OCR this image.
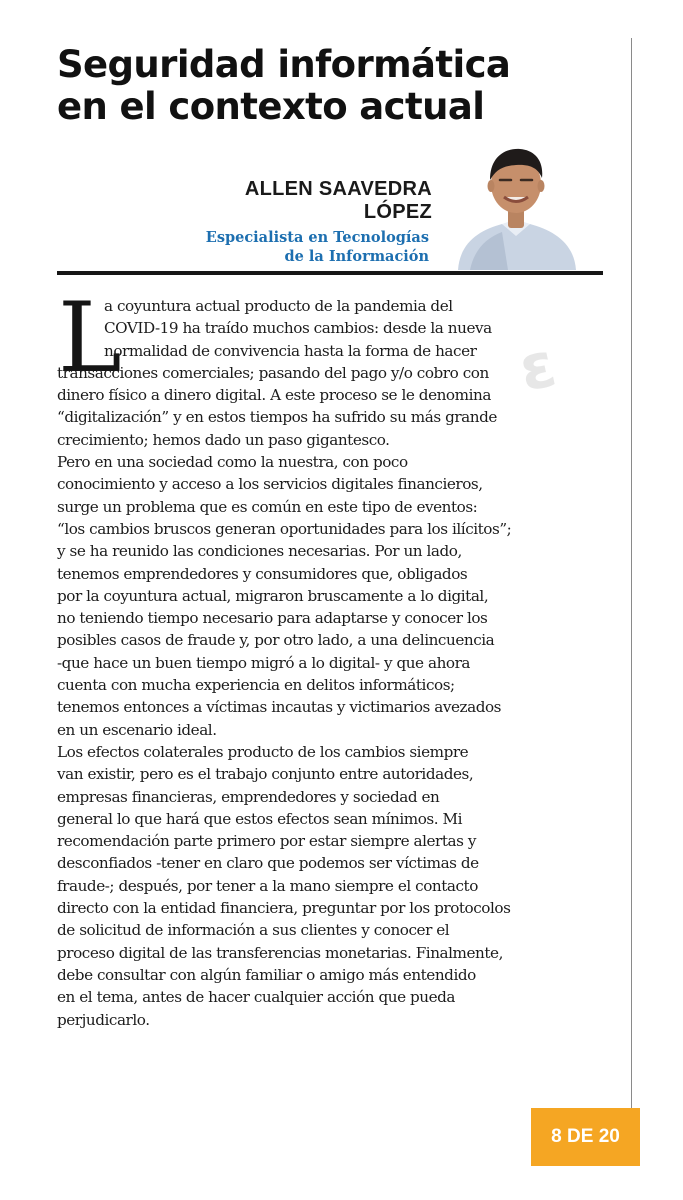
Seguridad informática
en el contexto actual
ALLEN SAAVEDRA
LÓPEZ
Especialista en Tecnologías
de la Información
ε
L
a coyuntura actual producto de la pandemia del
COVID-19 ha traído muchos cambios: desde la nueva
normalidad de convivencia hasta la forma de hacer
transacciones comerciales; pasando del pago y/o cobro con
dinero físico a dinero digital. A este proceso se le denomina
“digitalización” y en estos tiempos ha sufrido su más grande
crecimiento; hemos dado un paso gigantesco.
Pero en una sociedad como la nuestra, con poco
conocimiento y acceso a los servicios digitales financieros,
surge un problema que es común en este tipo de eventos:
“los cambios bruscos generan oportunidades para los ilícitos”;
y se ha reunido las condiciones necesarias. Por un lado,
tenemos emprendedores y consumidores que, obligados
por la coyuntura actual, migraron bruscamente a lo digital,
no teniendo tiempo necesario para adaptarse y conocer los
posibles casos de fraude y, por otro lado, a una delincuencia
-que hace un buen tiempo migró a lo digital- y que ahora
cuenta con mucha experiencia en delitos informáticos;
tenemos entonces a víctimas incautas y victimarios avezados
en un escenario ideal.
Los efectos colaterales producto de los cambios siempre
van existir, pero es el trabajo conjunto entre autoridades,
empresas financieras, emprendedores y sociedad en
general lo que hará que estos efectos sean mínimos. Mi
recomendación parte primero por estar siempre alertas y
desconfiados -tener en claro que podemos ser víctimas de
fraude-; después, por tener a la mano siempre el contacto
directo con la entidad financiera, preguntar por los protocolos
de solicitud de información a sus clientes y conocer el
proceso digital de las transferencias monetarias. Finalmente,
debe consultar con algún familiar o amigo más entendido
en el tema, antes de hacer cualquier acción que pueda
perjudicarlo.
8 DE 20
